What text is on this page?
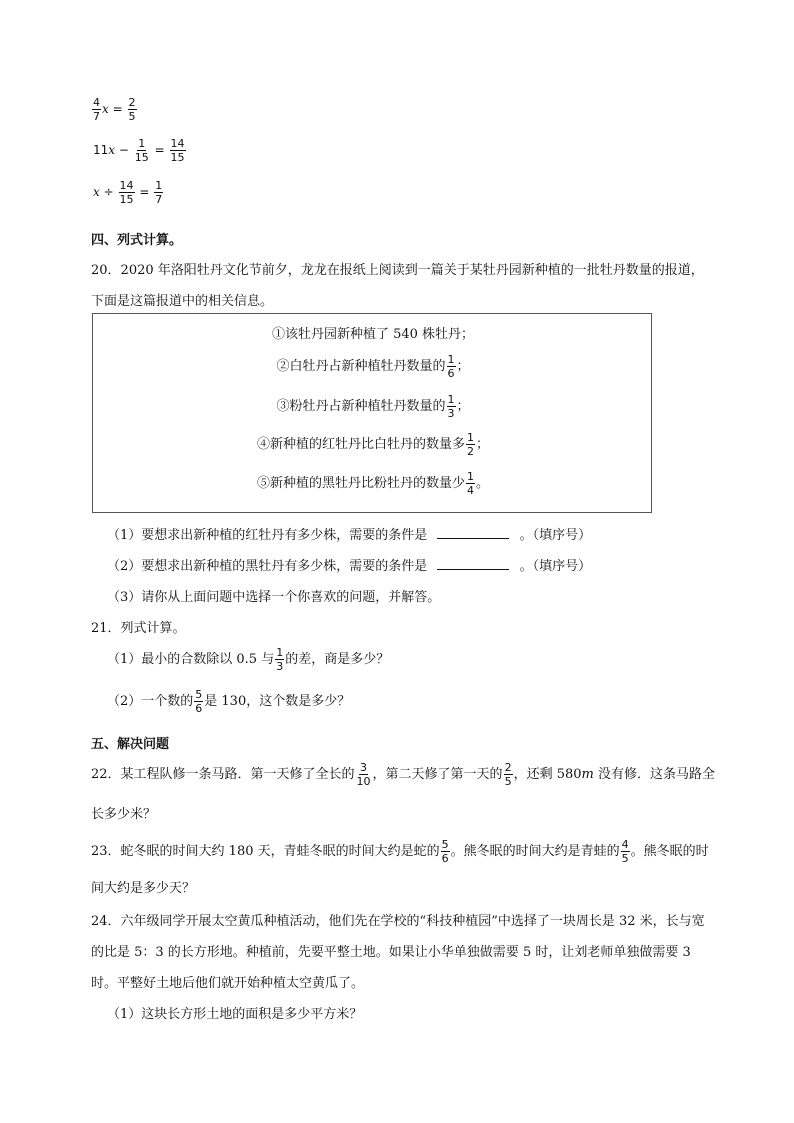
$\frac{4}{7}$ $x = \frac{2}{5}$
$11x - \frac{1}{15} = \frac{14}{15}$
$x \div \frac{14}{15} = \frac{1}{7}$
四、列式计算。
20．2020 年洛阳牡丹文化节前夕，龙龙在报纸上阅读到一篇关于某牡丹园新种植的一批牡丹数量的报道，
下面是这篇报道中的相关信息。
①该牡丹园新种植了 540 株牡丹；
②白牡丹占新种植牡丹数量的 $\frac{1}{6}$ ；
③粉牡丹占新种植牡丹数量的 $\frac{1}{3}$ ；
④新种植的红牡丹比白牡丹的数量多 $\frac{1}{2}$ ；
⑤新种植的黑牡丹比粉牡丹的数量少 $\frac{1}{4}$ 。
（1）要想求出新种植的红牡丹有多少株，需要的条件是	。（填序号）
（2）要想求出新种植的黑牡丹有多少株，需要的条件是	。（填序号）
（3）请你从上面问题中选择一个你喜欢的问题，并解答。
21．列式计算。
（1）最小的合数除以 0.5 与 $\frac{1}{3}$ 的差，商是多少？
（2）一个数的 $\frac{5}{6}$ 是 130，这个数是多少？
五、解决问题
22．某工程队修一条马路．第一天修了全长的 $\frac{3}{10}$ ，第二天修了第一天的 $\frac{2}{5}$ ，还剩 580m 没有修．这条马路全
长多少米？
23．蛇冬眠的时间大约 180 天，青蛙冬眠的时间大约是蛇的 $\frac{5}{6}$ 。熊冬眠的时间大约是青蛙的 $\frac{4}{5}$ 。熊冬眠的时
间大约是多少天？
24．六年级同学开展太空黄瓜种植活动，他们先在学校的“科技种植园”中选择了一块周长是 32 米，长与宽
的比是 5：3 的长方形地。种植前，先要平整土地。如果让小华单独做需要 5 时，让刘老师单独做需要 3
时。平整好土地后他们就开始种植太空黄瓜了。
（1）这块长方形土地的面积是多少平方米？
